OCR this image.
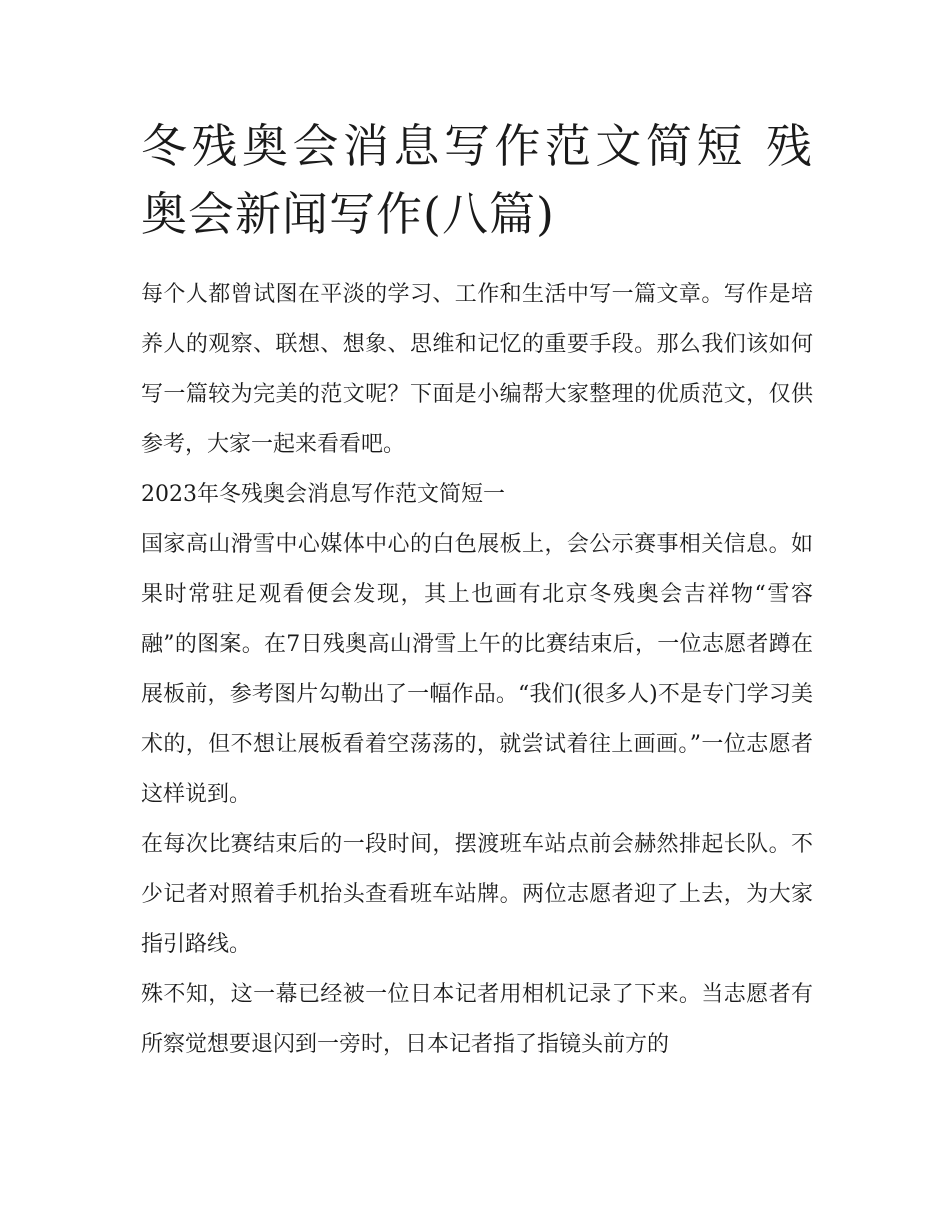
冬残奥会消息写作范文简短 残奥会新闻写作(八篇)

每个人都曾试图在平淡的学习、工作和生活中写一篇文章。写作是培养人的观察、联想、想象、思维和记忆的重要手段。那么我们该如何写一篇较为完美的范文呢？下面是小编帮大家整理的优质范文，仅供参考，大家一起来看看吧。

2023年冬残奥会消息写作范文简短一

国家高山滑雪中心媒体中心的白色展板上，会公示赛事相关信息。如果时常驻足观看便会发现，其上也画有北京冬残奥会吉祥物“雪容融”的图案。在7日残奥高山滑雪上午的比赛结束后，一位志愿者蹲在展板前，参考图片勾勒出了一幅作品。“我们(很多人)不是专门学习美术的，但不想让展板看着空荡荡的，就尝试着往上画画。”一位志愿者这样说到。

在每次比赛结束后的一段时间，摆渡班车站点前会赫然排起长队。不少记者对照着手机抬头查看班车站牌。两位志愿者迎了上去，为大家指引路线。

殊不知，这一幕已经被一位日本记者用相机记录了下来。当志愿者有所察觉想要退闪到一旁时，日本记者指了指镜头前方的
